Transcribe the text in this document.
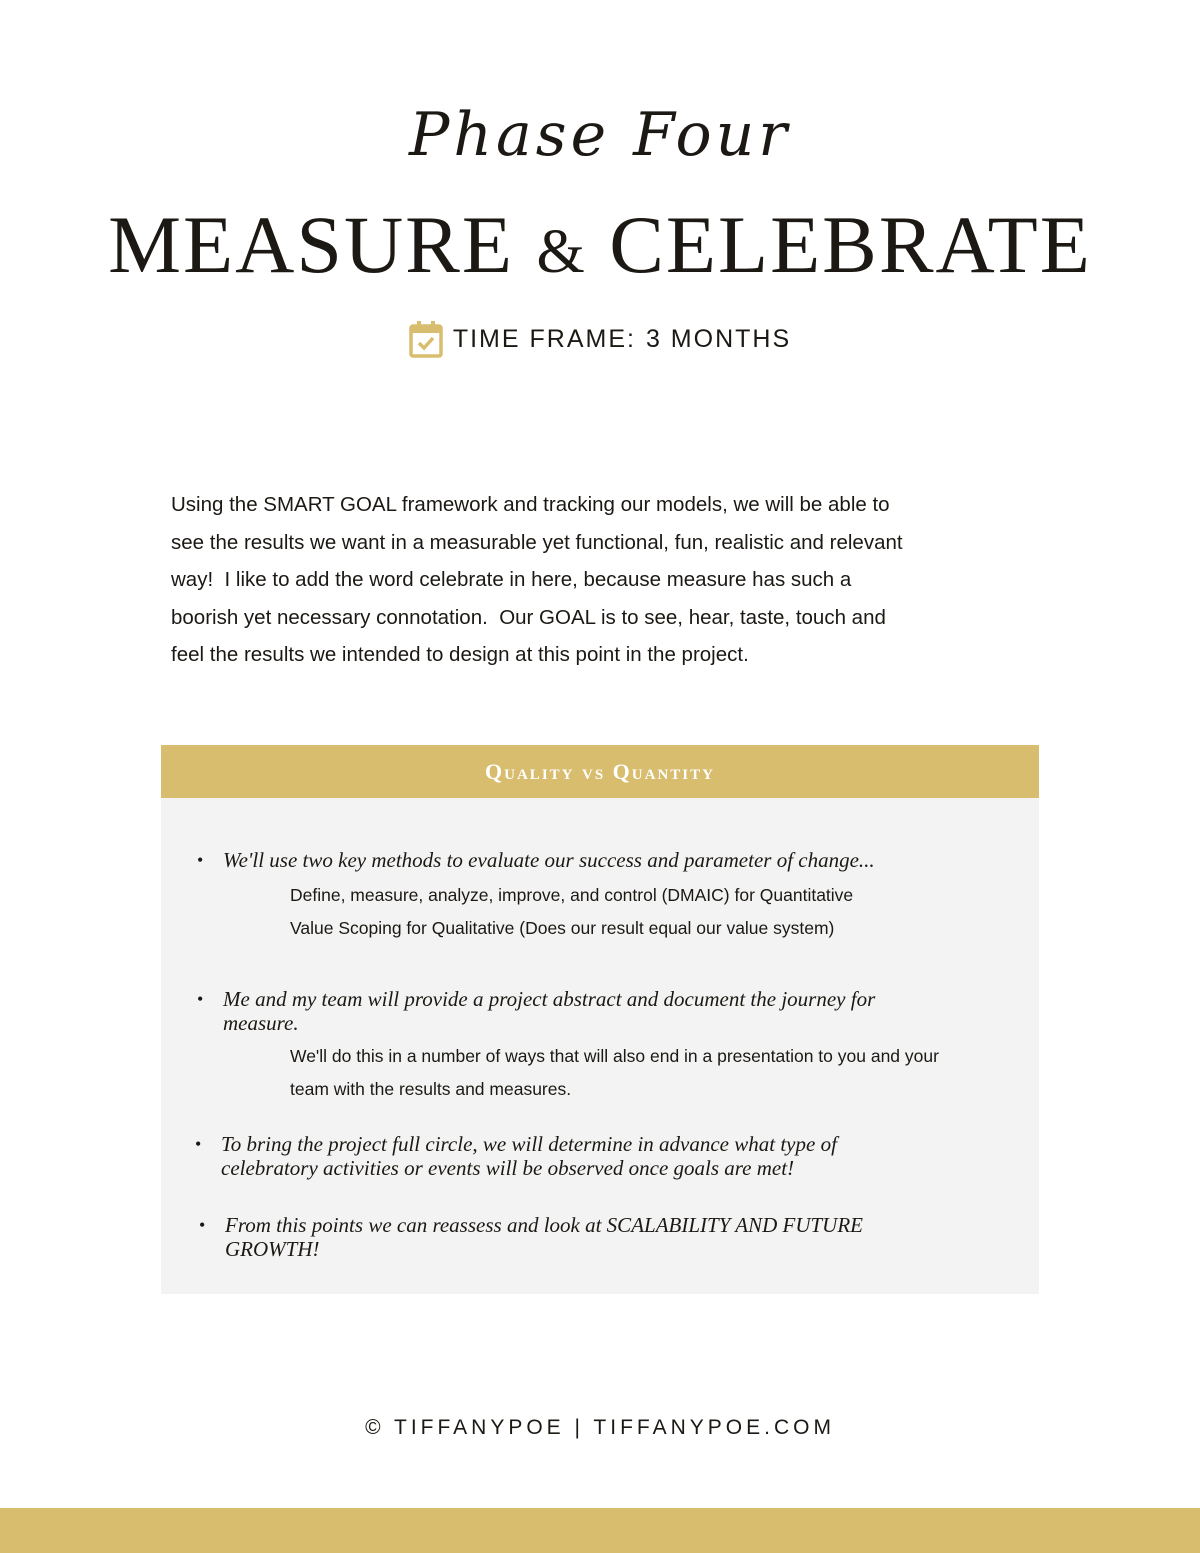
Phase Four
MEASURE & CELEBRATE
TIME FRAME: 3 MONTHS

Using the SMART GOAL framework and tracking our models, we will be able to
see the results we want in a measurable yet functional, fun, realistic and relevant
way!  I like to add the word celebrate in here, because measure has such a
boorish yet necessary connotation.  Our GOAL is to see, hear, taste, touch and
feel the results we intended to design at this point in the project.

Quality vs Quantity
• We'll use two key methods to evaluate our success and parameter of change...
Define, measure, analyze, improve, and control (DMAIC) for Quantitative
Value Scoping for Qualitative (Does our result equal our value system)
• Me and my team will provide a project abstract and document the journey for measure.
We'll do this in a number of ways that will also end in a presentation to you and your
team with the results and measures.
• To bring the project full circle, we will determine in advance what type of celebratory activities or events will be observed once goals are met!
• From this points we can reassess and look at SCALABILITY AND FUTURE GROWTH!
© TIFFANYPOE | TIFFANYPOE.COM
